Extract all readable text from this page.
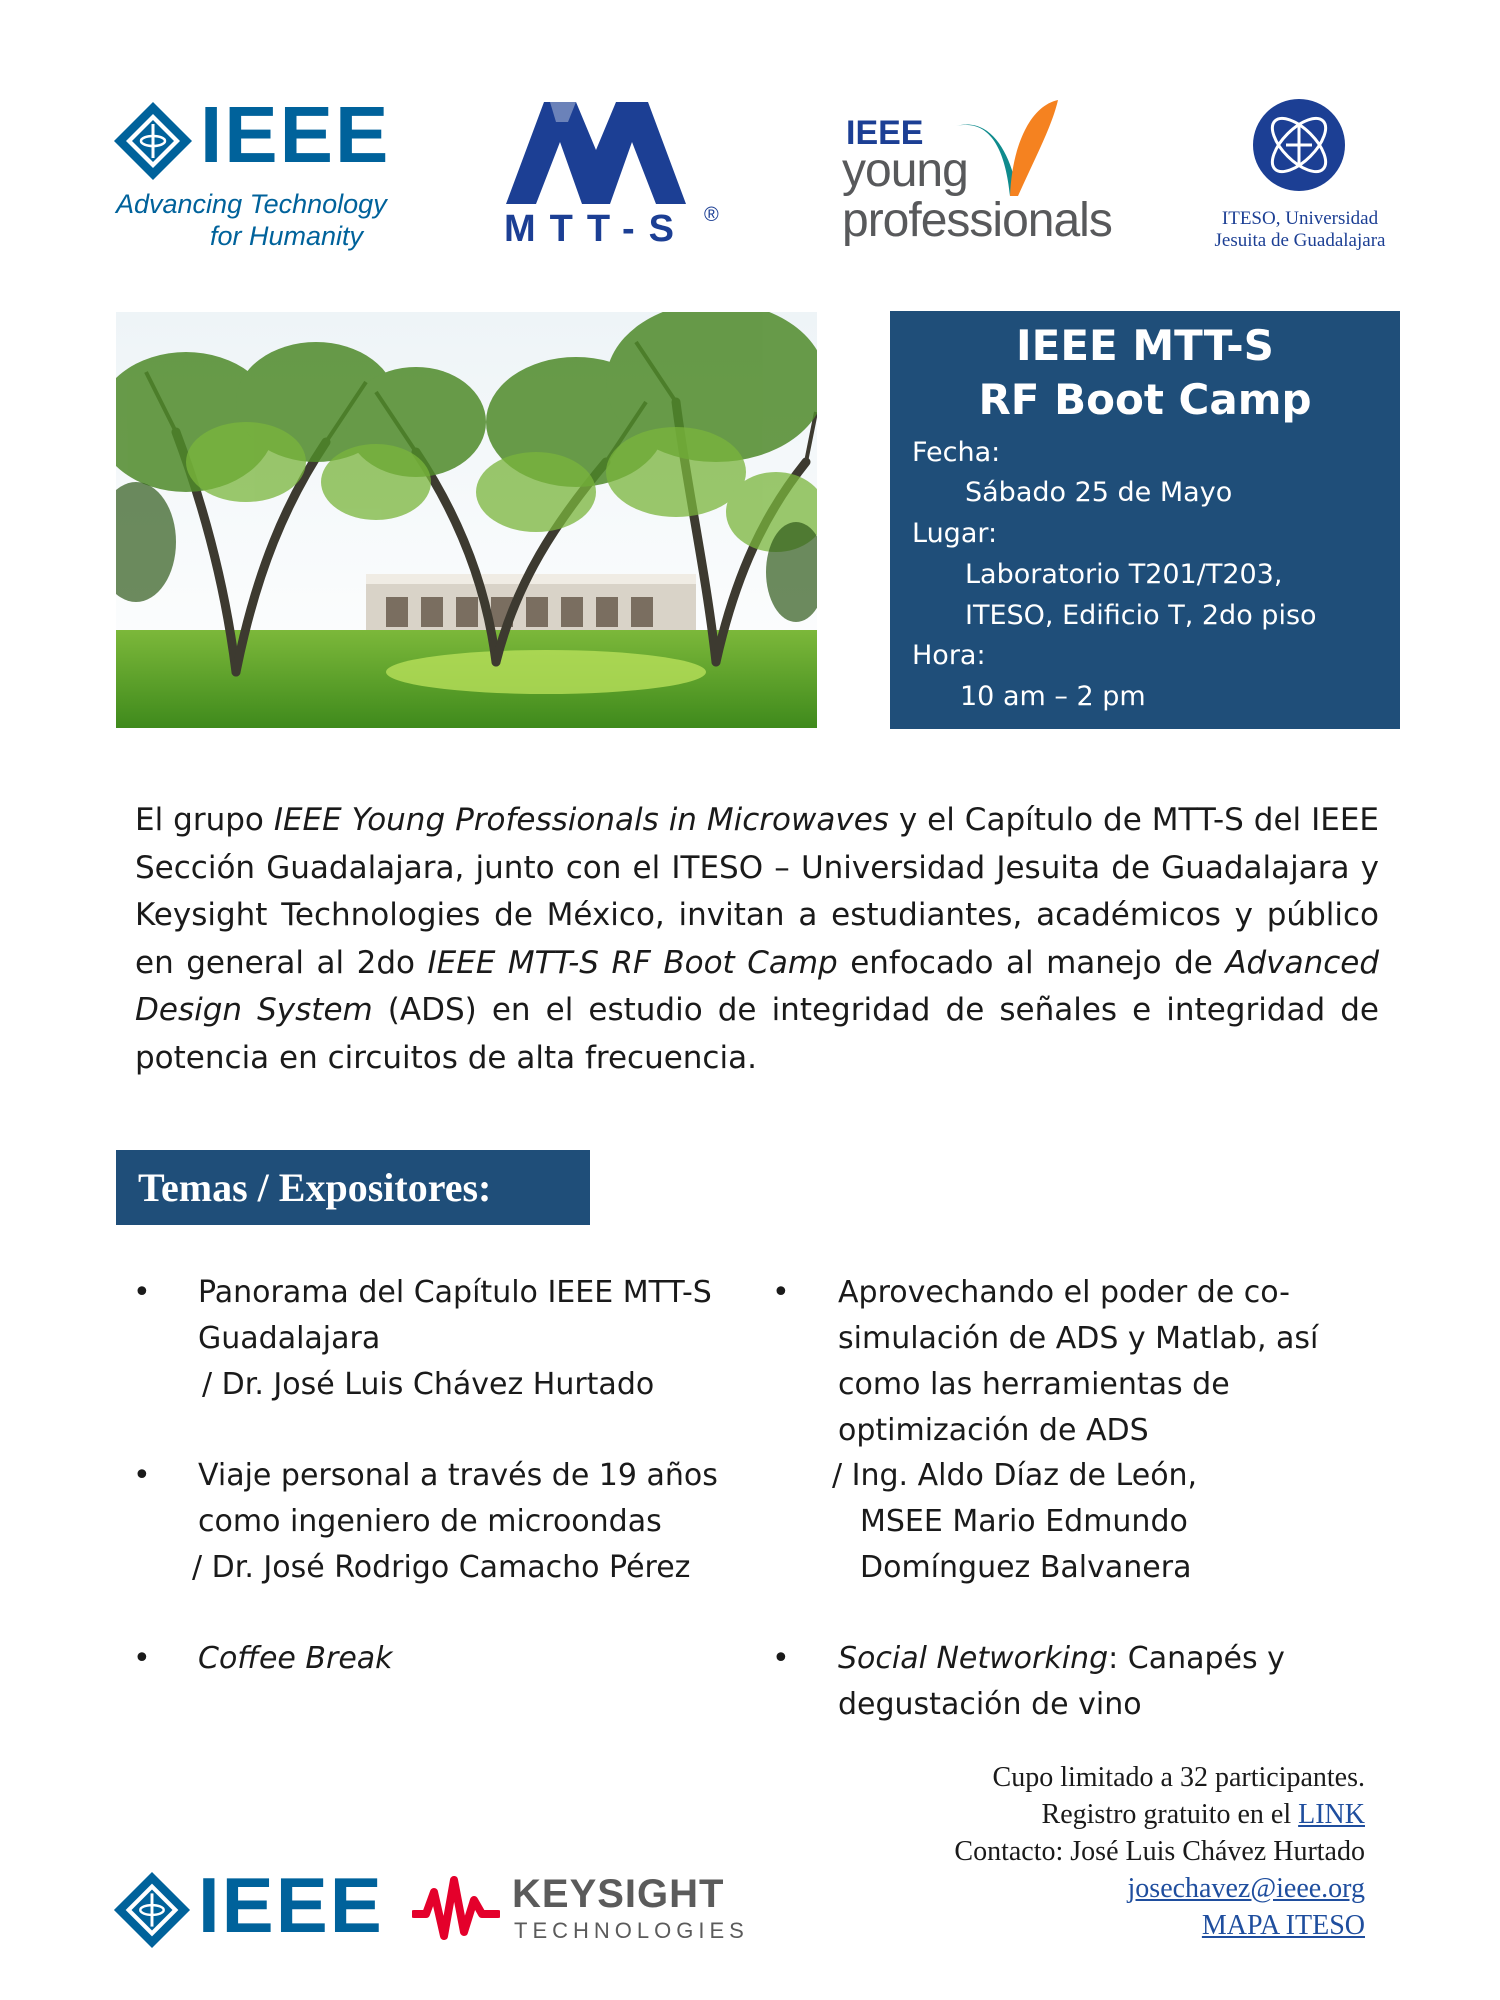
IEEE
Advancing Technology
for Humanity	MTT-S ®
IEEE
young
professionals	ITESO, Universidad
Jesuita de Guadalajara
IEEE MTT-S
RF Boot Camp
Fecha:
Sábado 25 de Mayo
Lugar:
Laboratorio T201/T203,
ITESO, Edificio T, 2do piso
Hora:
10 am – 2 pm
El grupo IEEE Young Professionals in Microwaves y el Capítulo de MTT-S del IEEE Sección Guadalajara, junto con el ITESO – Universidad Jesuita de Guadalajara y Keysight Technologies de México, invitan a estudiantes, académicos y público en general al 2do IEEE MTT-S RF Boot Camp enfocado al manejo de Advanced Design System (ADS) en el estudio de integridad de señales e integridad de potencia en circuitos de alta frecuencia.
Temas / Expositores:
• Panorama del Capítulo IEEE MTT-S
Guadalajara
/ Dr. José Luis Chávez Hurtado
• Viaje personal a través de 19 años
como ingeniero de microondas
/ Dr. José Rodrigo Camacho Pérez
• Coffee Break
• Aprovechando el poder de co-
simulación de ADS y Matlab, así
como las herramientas de
optimización de ADS
/ Ing. Aldo Díaz de León,
MSEE Mario Edmundo
Domínguez Balvanera
• Social Networking: Canapés y
degustación de vino
Cupo limitado a 32 participantes.
Registro gratuito en el LINK
Contacto: José Luis Chávez Hurtado
josechavez@ieee.org
MAPA ITESO
IEEE	KEYSIGHT
TECHNOLOGIES
